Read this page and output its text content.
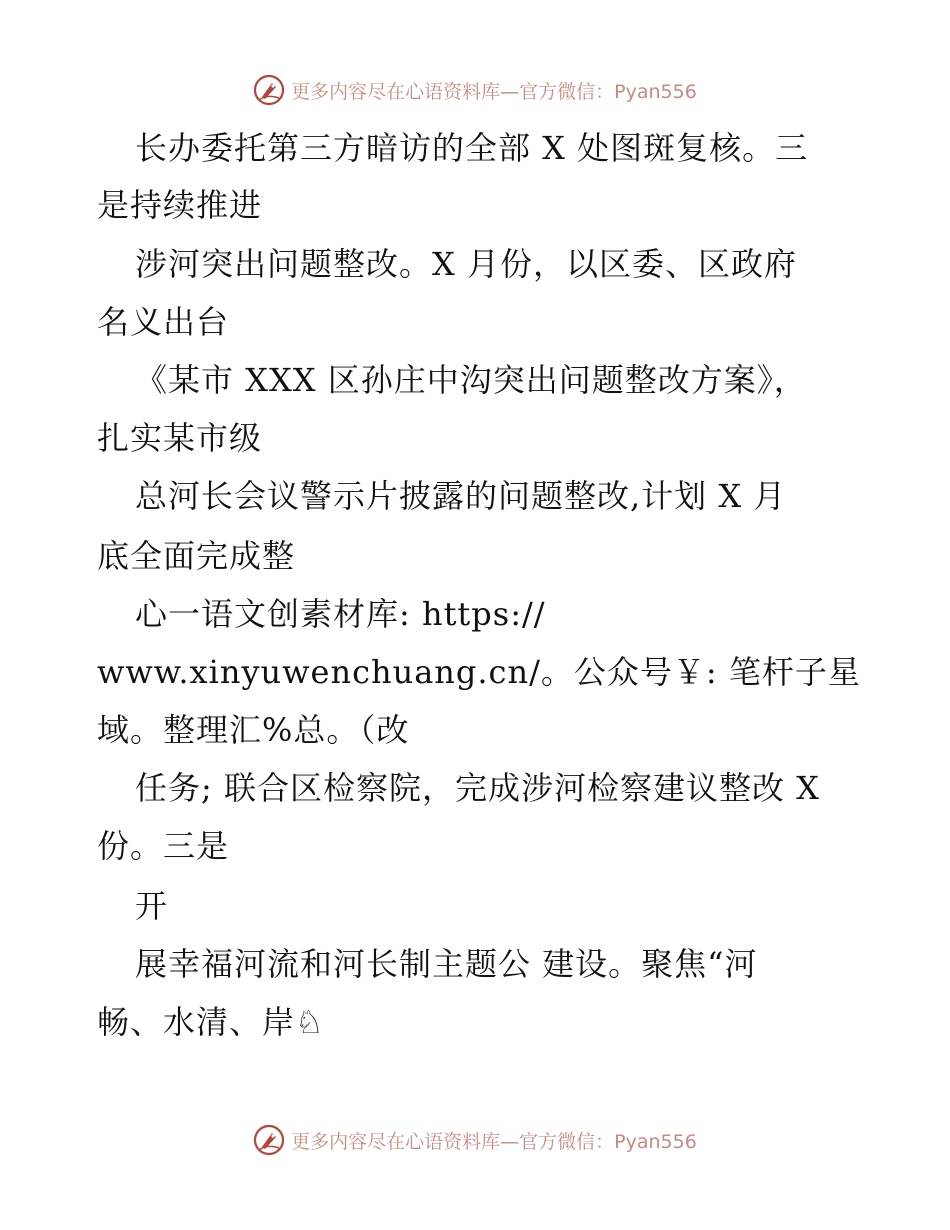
更多内容尽在心语资料库—官方微信：Pyan556
长办委托第三方暗访的全部 X 处图斑复核。三
是持续推进
涉河突出问题整改。X 月份，以区委、区政府
名义出台
《某市 XXX 区孙庄中沟突出问题整改方案》，
扎实某市级
总河长会议警示片披露的问题整改,计划 X 月
底全面完成整
心一语文创素材库: https://
www.xinyuwenchuang.cn/。公众号￥: 笔杆子星
域。整理汇%总。（改
任务; 联合区检察院，完成涉河检察建议整改 X
份。三是
开
展幸福河流和河长制主题公 建设。聚焦“河
畅、水清、岸♘
更多内容尽在心语资料库—官方微信：Pyan556
